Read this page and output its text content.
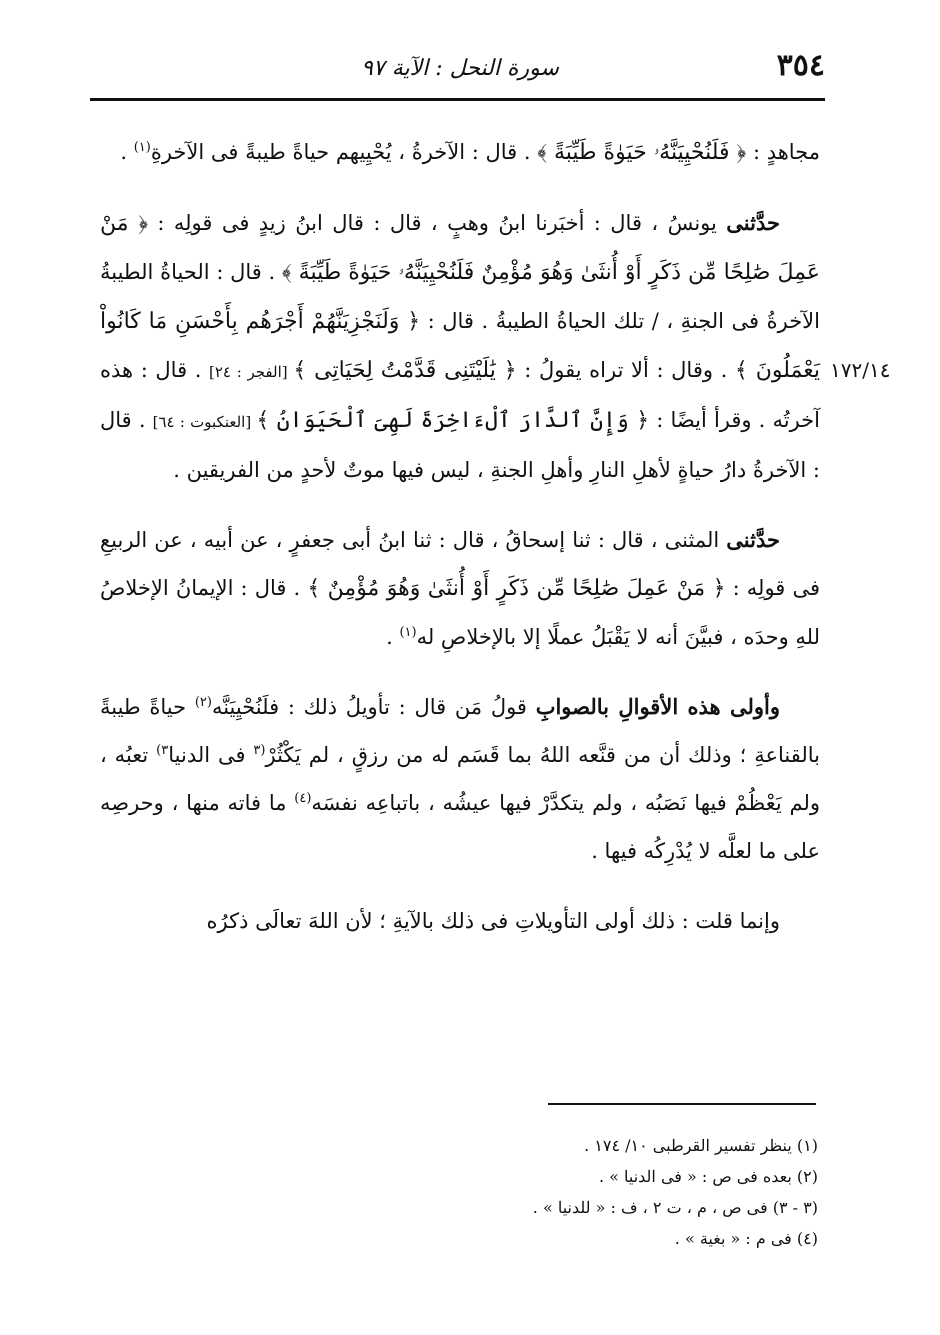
٣٥٤
سورة النحل : الآية ٩٧
١٧٢/١٤

مجاهدٍ : ﴿ فَلَنُحْيِيَنَّهُۥ حَيَوٰةً طَيِّبَةً ﴾ . قال : الآخرةُ ، يُحْيِيهم حياةً طيبةً فى الآخرةِ$^{(١)}$ .

حدَّثنى يونسُ ، قال : أخبَرنا ابنُ وهبٍ ، قال : قال ابنُ زيدٍ فى قولِه : ﴿ مَنْ عَمِلَ صَٰلِحًا مِّن ذَكَرٍ أَوْ أُنثَىٰ وَهُوَ مُؤْمِنٌ فَلَنُحْيِيَنَّهُۥ حَيَوٰةً طَيِّبَةً ﴾ . قال : الحياةُ الطيبةُ الآخرةُ فى الجنةِ ، / تلك الحياةُ الطيبةُ . قال : ﴿ وَلَنَجْزِيَنَّهُمْ أَجْرَهُم بِأَحْسَنِ مَا كَانُواْ يَعْمَلُونَ ﴾ . وقال : ألا تراه يقولُ : ﴿ يَٰلَيْتَنِى قَدَّمْتُ لِحَيَاتِى ﴾ [الفجر : ٢٤] . قال : هذه آخرتُه . وقرأ أيضًا : ﴿ وَإِنَّ ٱلدَّارَ ٱلْءَاخِرَةَ لَهِىَ ٱلْحَيَوَانُ ﴾ [العنكبوت : ٦٤] . قال : الآخرةُ دارُ حياةٍ لأهلِ النارِ وأهلِ الجنةِ ، ليس فيها موتٌ لأحدٍ من الفريقين .

حدَّثنى المثنى ، قال : ثنا إسحاقُ ، قال : ثنا ابنُ أبى جعفرٍ ، عن أبيه ، عن الربيعِ فى قولِه : ﴿ مَنْ عَمِلَ صَٰلِحًا مِّن ذَكَرٍ أَوْ أُنثَىٰ وَهُوَ مُؤْمِنٌ ﴾ . قال : الإيمانُ الإخلاصُ للهِ وحدَه ، فبيَّنَ أنه لا يَقْبَلُ عملًا إلا بالإخلاصِ له$^{(١)}$ .

وأولى هذه الأقوالِ بالصوابِ قولُ مَن قال : تأويلُ ذلك : فلَنُحْيِيَنَّه$^{(٢)}$ حياةً طيبةً بالقناعةِ ؛ وذلك أن من قنَّعه اللهُ بما قَسَم له من رزقٍ ، لم يَكْثُرْ$^{(٣}$ فى الدنيا$^{٣)}$ تعبُه ، ولم يَعْظُمْ فيها نَصَبُه ، ولم يتكدَّرْ فيها عيشُه ، باتباعِه نفسَه$^{(٤)}$ ما فاته منها ، وحرصِه على ما لعلَّه لا يُدْرِكُه فيها .

وإنما قلت : ذلك أولى التأويلاتِ فى ذلك بالآيةِ ؛ لأن اللهَ تعالَى ذكرُه

(١) ينظر تفسير القرطبى ١٠/ ١٧٤ .

(٢) بعده فى ص : « فى الدنيا » .

(٣ - ٣) فى ص ، م ، ت ٢ ، ف : « للدنيا » .

(٤) فى م : « بغية » .
